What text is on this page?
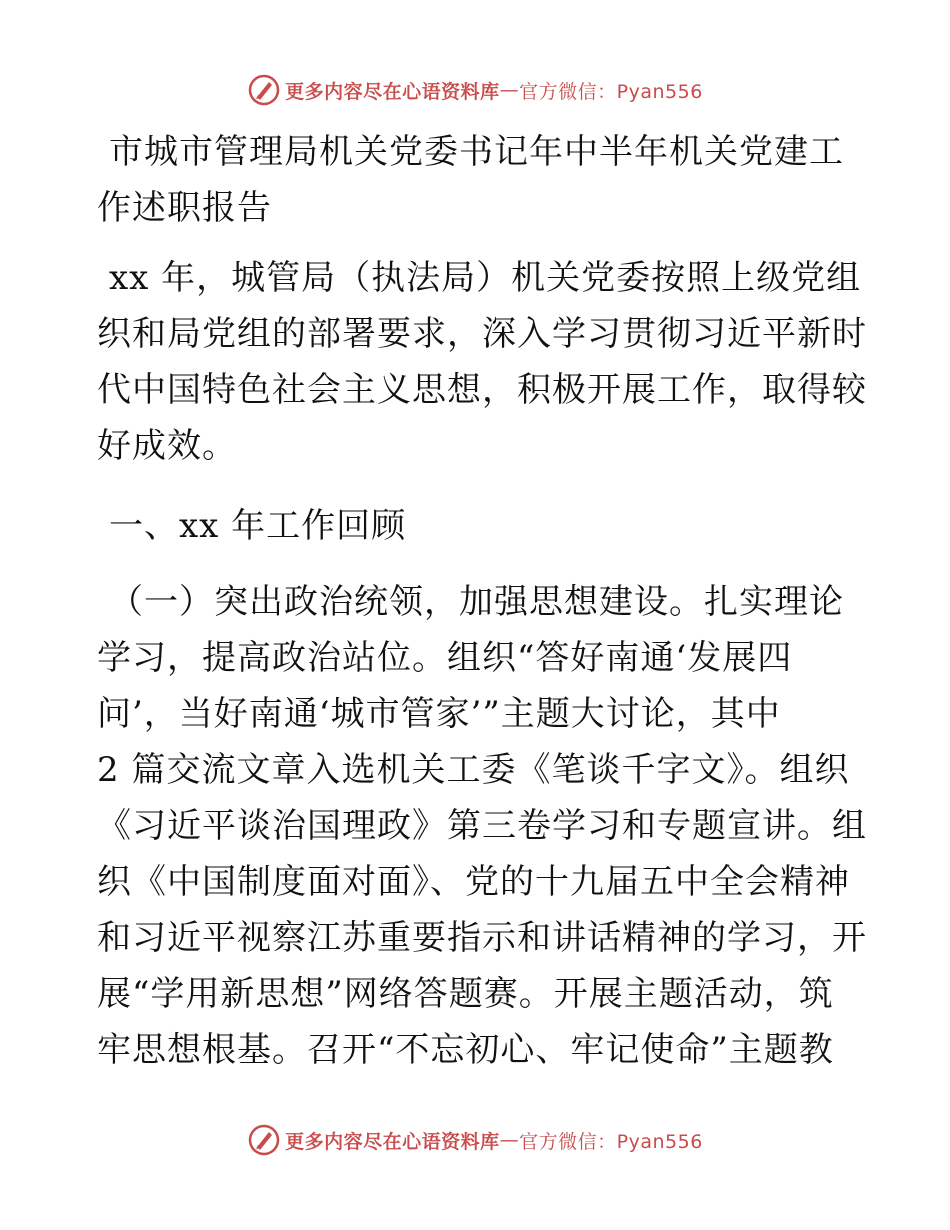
更多内容尽在心语资料库 — 官方微信：Pyan556
市城市管理局机关党委书记年中半年机关党建工
作述职报告
xx 年，城管局（执法局）机关党委按照上级党组
织和局党组的部署要求，深入学习贯彻习近平新时
代中国特色社会主义思想，积极开展工作，取得较
好成效。
一、xx 年工作回顾
（一）突出政治统领，加强思想建设。扎实理论
学习，提高政治站位。组织“答好南通‘发展四
问’，当好南通‘城市管家’”主题大讨论，其中
2 篇交流文章入选机关工委《笔谈千字文》。组织
《习近平谈治国理政》第三卷学习和专题宣讲。组
织《中国制度面对面》、党的十九届五中全会精神
和习近平视察江苏重要指示和讲话精神的学习，开
展“学用新思想”网络答题赛。开展主题活动，筑
牢思想根基。召开“不忘初心、牢记使命”主题教
更多内容尽在心语资料库 — 官方微信：Pyan556
